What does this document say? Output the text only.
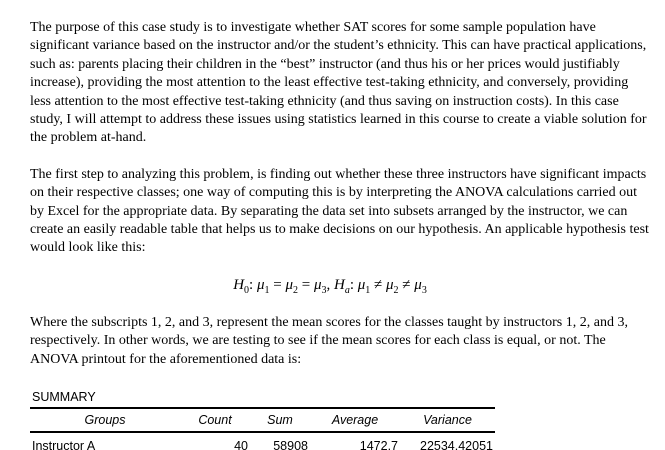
The purpose of this case study is to investigate whether SAT scores for some sample population have significant variance based on the instructor and/or the student’s ethnicity. This can have practical applications, such as: parents placing their children in the “best” instructor (and thus his or her prices would justifiably increase), providing the most attention to the least effective test-taking ethnicity, and conversely, providing less attention to the most effective test-taking ethnicity (and thus saving on instruction costs). In this case study, I will attempt to address these issues using statistics learned in this course to create a viable solution for the problem at-hand.

The first step to analyzing this problem, is finding out whether these three instructors have significant impacts on their respective classes; one way of computing this is by interpreting the ANOVA calculations carried out by Excel for the appropriate data. By separating the data set into subsets arranged by the instructor, we can create an easily readable table that helps us to make decisions on our hypothesis. An applicable hypothesis test would look like this:

$H_0$: $\mu_1 = \mu_2 = \mu_3$, $H_a$: $\mu_1 \ne \mu_2 \ne \mu_3$

Where the subscripts 1, 2, and 3, represent the mean scores for the classes taught by instructors 1, 2, and 3, respectively. In other words, we are testing to see if the mean scores for each class is equal, or not. The ANOVA printout for the aforementioned data is:

SUMMARY
Groups	Count	Sum	Average	Variance
Instructor A	40	58908	1472.7	22534.42051
